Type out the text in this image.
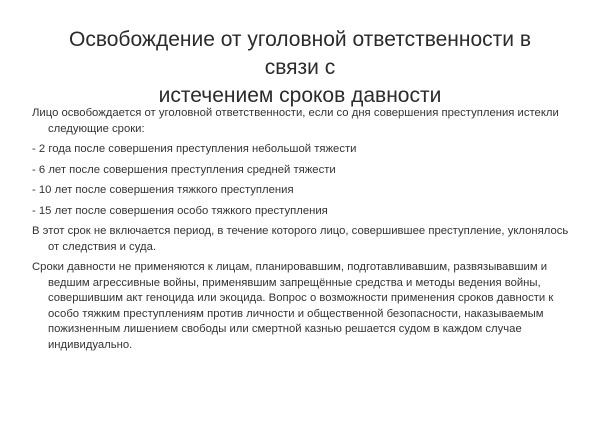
Освобождение от уголовной ответственности в связи с
истечением сроков давности

Лицо освобождается от уголовной ответственности, если со дня совершения преступления истекли следующие сроки:

- 2 года после совершения преступления небольшой тяжести

- 6 лет после совершения преступления средней тяжести

- 10 лет после совершения тяжкого преступления

- 15 лет после совершения особо тяжкого преступления

В этот срок не включается период, в течение которого лицо, совершившее преступление, уклонялось от следствия и суда.

Сроки давности не применяются к лицам, планировавшим, подготавливавшим, развязывавшим и ведшим агрессивные войны, применявшим запрещённые средства и методы ведения войны, совершившим акт геноцида или экоцида. Вопрос о возможности применения сроков давности к особо тяжким преступлениям против личности и общественной безопасности, наказываемым пожизненным лишением свободы или смертной казнью решается судом в каждом случае индивидуально.
